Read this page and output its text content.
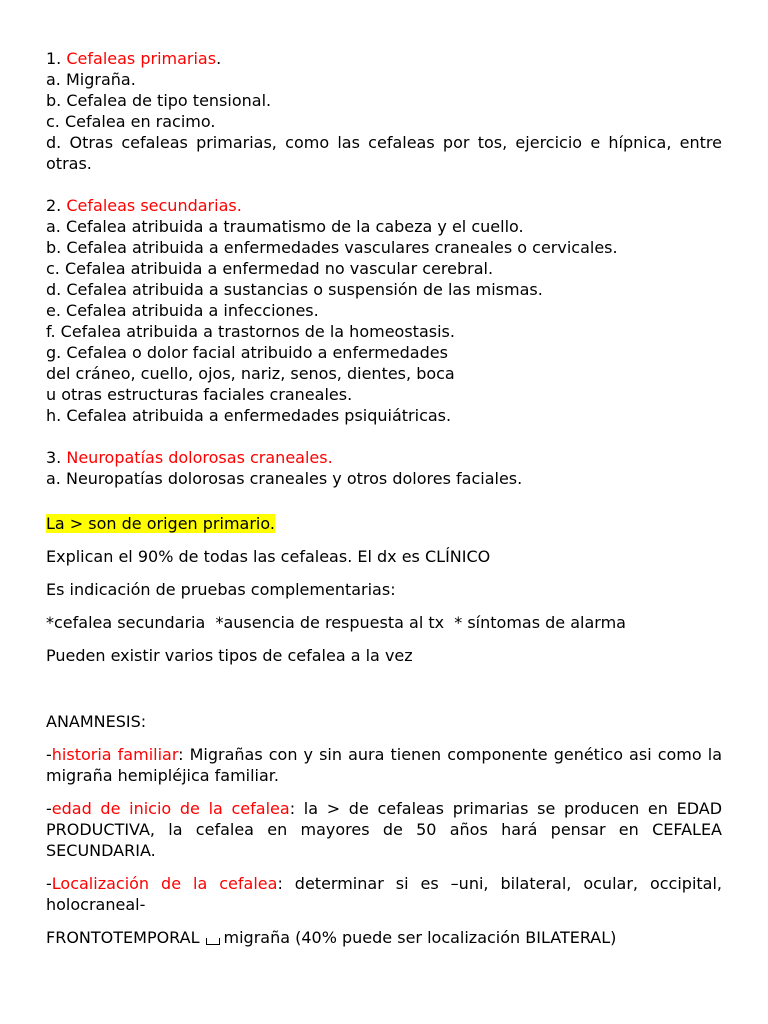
1. Cefaleas primarias.
a. Migraña.
b. Cefalea de tipo tensional.
c. Cefalea en racimo.
d. Otras cefaleas primarias, como las cefaleas por tos, ejercicio e hípnica, entre otras.
2. Cefaleas secundarias.
a. Cefalea atribuida a traumatismo de la cabeza y el cuello.
b. Cefalea atribuida a enfermedades vasculares craneales o cervicales.
c. Cefalea atribuida a enfermedad no vascular cerebral.
d. Cefalea atribuida a sustancias o suspensión de las mismas.
e. Cefalea atribuida a infecciones.
f. Cefalea atribuida a trastornos de la homeostasis.
g. Cefalea o dolor facial atribuido a enfermedades
del cráneo, cuello, ojos, nariz, senos, dientes, boca
u otras estructuras faciales craneales.
h. Cefalea atribuida a enfermedades psiquiátricas.
3. Neuropatías dolorosas craneales.
a. Neuropatías dolorosas craneales y otros dolores faciales.
La > son de origen primario.
Explican el 90% de todas las cefaleas. El dx es CLÍNICO
Es indicación de pruebas complementarias:
*cefalea secundaria  *ausencia de respuesta al tx  * síntomas de alarma
Pueden existir varios tipos de cefalea a la vez
ANAMNESIS:
-historia familiar: Migrañas con y sin aura tienen componente genético asi como la migraña hemipléjica familiar.
-edad de inicio de la cefalea: la > de cefaleas primarias se producen en EDAD PRODUCTIVA, la cefalea en mayores de 50 años hará pensar en CEFALEA SECUNDARIA.
-Localización de la cefalea: determinar si es –uni, bilateral, ocular, occipital, holocraneal-
FRONTOTEMPORAL migraña (40% puede ser localización BILATERAL)
